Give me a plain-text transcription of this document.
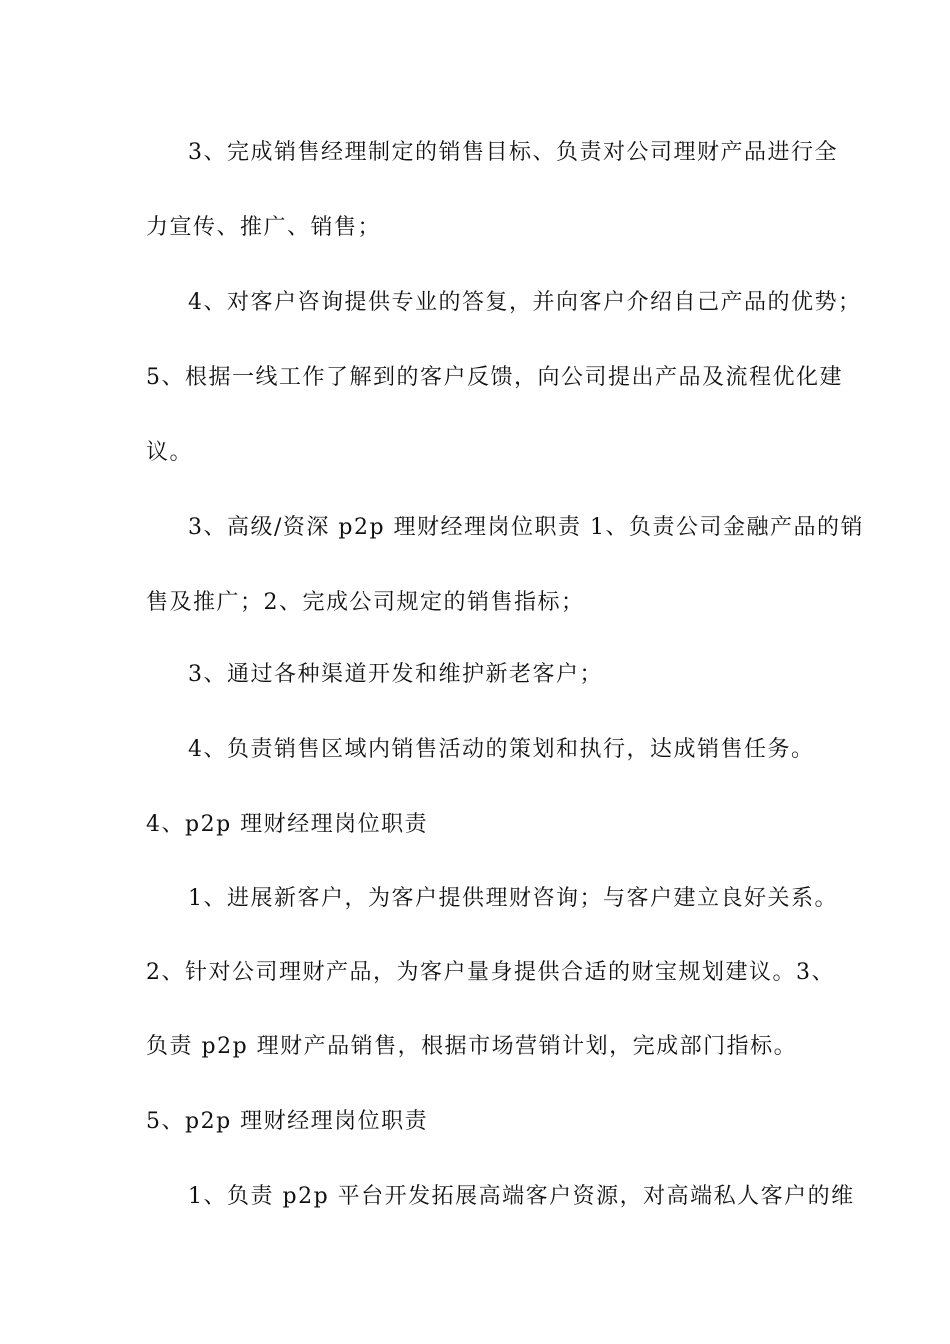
3、完成销售经理制定的销售目标、负责对公司理财产品进行全
力宣传、推广、销售；
4、对客户咨询提供专业的答复，并向客户介绍自己产品的优势；
5、根据一线工作了解到的客户反馈，向公司提出产品及流程优化建
议。
3、高级/资深 p2p 理财经理岗位职责 1、负责公司金融产品的销
售及推广；2、完成公司规定的销售指标；
3、通过各种渠道开发和维护新老客户；
4、负责销售区域内销售活动的策划和执行，达成销售任务。
4、p2p 理财经理岗位职责
1、进展新客户，为客户提供理财咨询；与客户建立良好关系。
2、针对公司理财产品，为客户量身提供合适的财宝规划建议。3、
负责 p2p 理财产品销售，根据市场营销计划，完成部门指标。
5、p2p 理财经理岗位职责
1、负责 p2p 平台开发拓展高端客户资源，对高端私人客户的维
